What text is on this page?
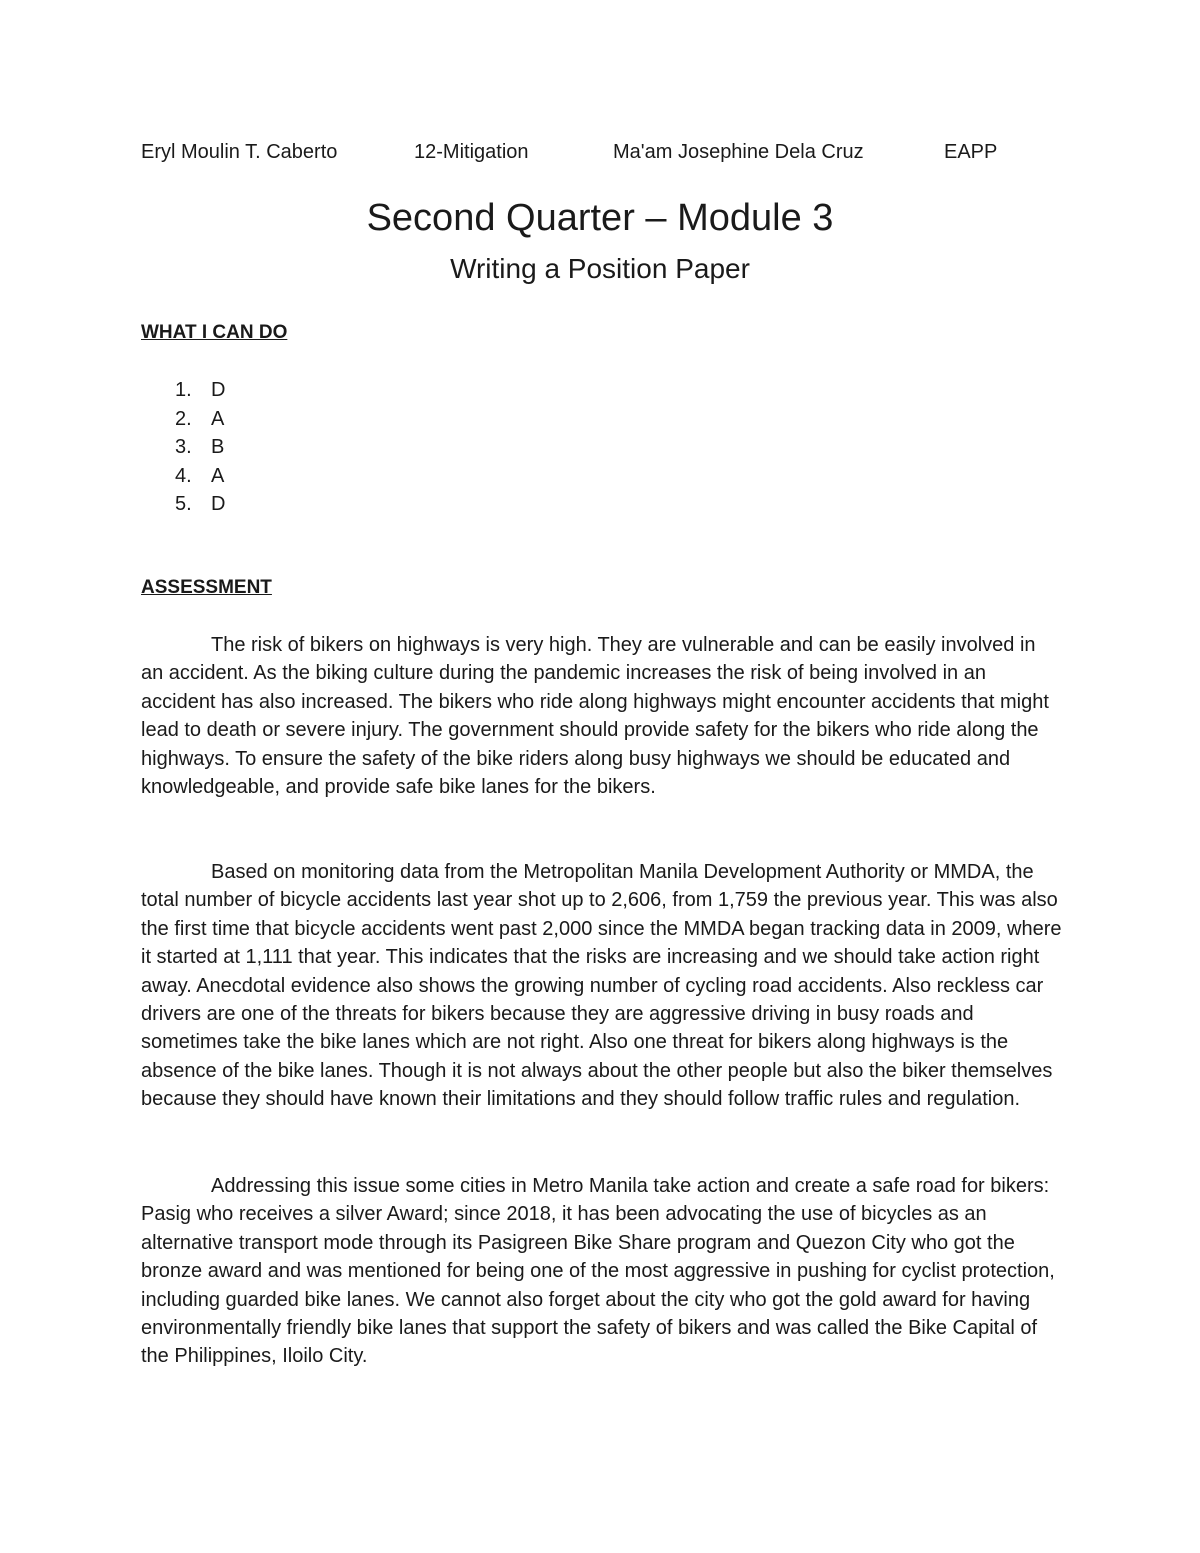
Eryl Moulin T. Caberto	12-Mitigation	Ma'am Josephine Dela Cruz	EAPP
Second Quarter – Module 3
Writing a Position Paper
WHAT I CAN DO
1. D
2. A
3. B
4. A
5. D
ASSESSMENT

The risk of bikers on highways is very high. They are vulnerable and can be easily involved in an accident. As the biking culture during the pandemic increases the risk of being involved in an accident has also increased. The bikers who ride along highways might encounter accidents that might lead to death or severe injury. The government should provide safety for the bikers who ride along the highways. To ensure the safety of the bike riders along busy highways we should be educated and knowledgeable, and provide safe bike lanes for the bikers.

Based on monitoring data from the Metropolitan Manila Development Authority or MMDA, the total number of bicycle accidents last year shot up to 2,606, from 1,759 the previous year. This was also the first time that bicycle accidents went past 2,000 since the MMDA began tracking data in 2009, where it started at 1,111 that year. This indicates that the risks are increasing and we should take action right away. Anecdotal evidence also shows the growing number of cycling road accidents. Also reckless car drivers are one of the threats for bikers because they are aggressive driving in busy roads and sometimes take the bike lanes which are not right. Also one threat for bikers along highways is the absence of the bike lanes. Though it is not always about the other people but also the biker themselves because they should have known their limitations and they should follow traffic rules and regulation.

Addressing this issue some cities in Metro Manila take action and create a safe road for bikers: Pasig who receives a silver Award; since 2018, it has been advocating the use of bicycles as an alternative transport mode through its Pasigreen Bike Share program and Quezon City who got the bronze award and was mentioned for being one of the most aggressive in pushing for cyclist protection, including guarded bike lanes. We cannot also forget about the city who got the gold award for having environmentally friendly bike lanes that support the safety of bikers and was called the Bike Capital of the Philippines, Iloilo City.
